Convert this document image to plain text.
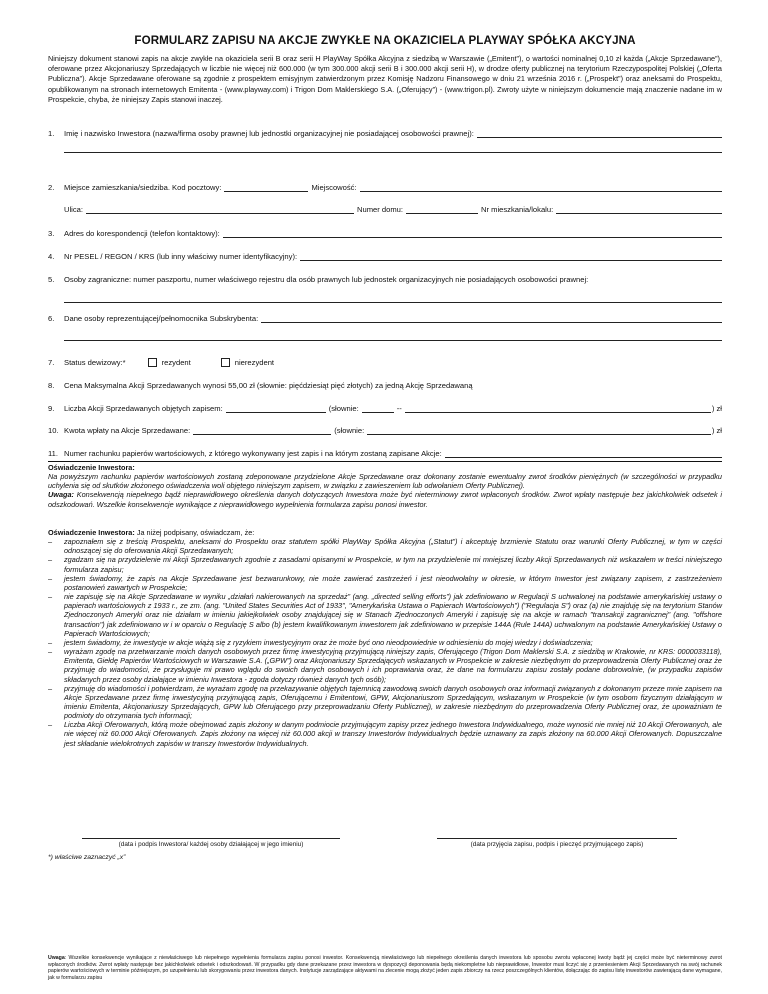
FORMULARZ ZAPISU NA AKCJE ZWYKŁE NA OKAZICIELA PLAYWAY SPÓŁKA AKCYJNA

Niniejszy dokument stanowi zapis na akcje zwykłe na okaziciela serii B oraz serii H PlayWay Spółka Akcyjna z siedzibą w Warszawie („Emitent”), o wartości nominalnej 0,10 zł każda („Akcje Sprzedawane”), oferowane przez Akcjonariuszy Sprzedających w liczbie nie więcej niż 600.000 (w tym 300.000 akcji serii B i 300.000 akcji serii H), w drodze oferty publicznej na terytorium Rzeczypospolitej Polskiej („Oferta Publiczna”). Akcje Sprzedawane oferowane są zgodnie z prospektem emisyjnym zatwierdzonym przez Komisję Nadzoru Finansowego w dniu 21 września 2016 r. („Prospekt”) oraz aneksami do Prospektu, opublikowanym na stronach internetowych Emitenta - (www.playway.com) i Trigon Dom Maklerskiego S.A. („Oferujący”) - (www.trigon.pl). Zwroty użyte w niniejszym dokumencie mają znaczenie nadane im w Prospekcie, chyba, że niniejszy Zapis stanowi inaczej.

1. Imię i nazwisko Inwestora (nazwa/firma osoby prawnej lub jednostki organizacyjnej nie posiadającej osobowości prawnej):
2. Miejsce zamieszkania/siedziba. Kod pocztowy:	Miejscowość:
Ulica:	Numer domu:	Nr mieszkania/lokalu:
3. Adres do korespondencji (telefon kontaktowy):
4. Nr PESEL / REGON / KRS (lub inny właściwy numer identyfikacyjny):
5. Osoby zagraniczne: numer paszportu, numer właściwego rejestru dla osób prawnych lub jednostek organizacyjnych nie posiadających osobowości prawnej:
6. Dane osoby reprezentującej/pełnomocnika Subskrybenta:
7. Status dewizowy:*	rezydent	nierezydent
8. Cena Maksymalna Akcji Sprzedawanych wynosi 55,00 zł (słownie: pięćdziesiąt pięć złotych) za jedną Akcję Sprzedawaną
9. Liczba Akcji Sprzedawanych objętych zapisem:	(słownie:	--	) zł
10. Kwota wpłaty na Akcje Sprzedawane:	(słownie:	) zł
11. Numer rachunku papierów wartościowych, z którego wykonywany jest zapis i na którym zostaną zapisane Akcje:

Oświadczenie Inwestora:
Na powyższym rachunku papierów wartościowych zostaną zdeponowane przydzielone Akcje Sprzedawane oraz dokonany zostanie ewentualny zwrot środków pieniężnych (w szczególności w przypadku uchylenia się od skutków złożonego oświadczenia woli objętego niniejszym zapisem, w związku z zawieszeniem lub odwołaniem Oferty Publicznej).
Uwaga: Konsekwencją niepełnego bądź nieprawidłowego określenia danych dotyczących Inwestora może być nieterminowy zwrot wpłaconych środków. Zwrot wpłaty następuje bez jakichkolwiek odsetek i odszkodowań. Wszelkie konsekwencje wynikające z nieprawidłowego wypełnienia formularza zapisu ponosi inwestor.

Oświadczenie Inwestora: Ja niżej podpisany, oświadczam, że:

– zapoznałem się z treścią Prospektu, aneksami do Prospektu oraz statutem spółki PlayWay Spółka Akcyjna („Statut”) i akceptuję brzmienie Statutu oraz warunki Oferty Publicznej, w tym w części odnoszącej się do oferowania Akcji Sprzedawanych;
– zgadzam się na przydzielenie mi Akcji Sprzedawanych zgodnie z zasadami opisanymi w Prospekcie, w tym na przydzielenie mi mniejszej liczby Akcji Sprzedawanych niż wskazałem w treści niniejszego formularza zapisu;
– jestem świadomy, że zapis na Akcje Sprzedawane jest bezwarunkowy, nie może zawierać zastrzeżeń i jest nieodwołalny w okresie, w którym Inwestor jest związany zapisem, z zastrzeżeniem postanowień zawartych w Prospekcie;
– nie zapisuję się na Akcje Sprzedawane w wyniku „działań nakierowanych na sprzedaż” (ang. „directed selling efforts”) jak zdefiniowano w Regulacji S uchwalonej na podstawie amerykańskiej ustawy o papierach wartościowych z 1933 r., ze zm. (ang. "United States Securities Act of 1933", "Amerykańska Ustawa o Papierach Wartościowych") ("Regulacja S") oraz (a) nie znajduję się na terytorium Stanów Zjednoczonych Ameryki oraz nie działam w imieniu jakiejkolwiek osoby znajdującej się w Stanach Zjednoczonych Ameryki i zapisuję się na akcje w ramach "transakcji zagranicznej" (ang. "offshore transaction") jak zdefiniowano w i w oparciu o Regulację S albo (b) jestem kwalifikowanym inwestorem jak zdefiniowano w przepisie 144A (Rule 144A) uchwalonym na podstawie Amerykańskiej Ustawy o Papierach Wartościowych;
– jestem świadomy, że inwestycje w akcje wiążą się z ryzykiem inwestycyjnym oraz że może być ono nieodpowiednie w odniesieniu do mojej wiedzy i doświadczenia;
– wyrażam zgodę na przetwarzanie moich danych osobowych przez firmę inwestycyjną przyjmującą niniejszy zapis, Oferującego (Trigon Dom Maklerski S.A. z siedzibą w Krakowie, nr KRS: 0000033118), Emitenta, Giełdę Papierów Wartościowych w Warszawie S.A. („GPW”) oraz Akcjonariuszy Sprzedających wskazanych w Prospekcie w zakresie niezbędnym do przeprowadzenia Oferty Publicznej oraz że przyjmuję do wiadomości, że przysługuje mi prawo wglądu do swoich danych osobowych i ich poprawiania oraz, że dane na formularzu zapisu zostały podane dobrowolnie, (w przypadku zapisów składanych przez osoby działające w imieniu Inwestora - zgoda dotyczy również danych tych osób);
– przyjmuję do wiadomości i potwierdzam, że wyrażam zgodę na przekazywanie objętych tajemnicą zawodową swoich danych osobowych oraz informacji związanych z dokonanym przeze mnie zapisem na Akcje Sprzedawane przez firmę inwestycyjną przyjmującą zapis, Oferującemu i Emitentowi, GPW, Akcjonariuszom Sprzedającym, wskazanym w Prospekcie (w tym osobom fizycznym działającym w imieniu Emitenta, Akcjonariuszy Sprzedających, GPW lub Oferującego przy przeprowadzaniu Oferty Publicznej), w zakresie niezbędnym do przeprowadzenia Oferty Publicznej oraz, że upoważniam te podmioty do otrzymania tych informacji;
– Liczba Akcji Oferowanych, którą może obejmować zapis złożony w danym podmiocie przyjmującym zapisy przez jednego Inwestora Indywidualnego, może wynosić nie mniej niż 10 Akcji Oferowanych, ale nie więcej niż 60.000 Akcji Oferowanych. Zapis złożony na więcej niż 60.000 akcji w transzy Inwestorów Indywidualnych będzie uznawany za zapis złożony na 60.000 Akcji Oferowanych. Dopuszczalne jest składanie wielokrotnych zapisów w transzy Inwestorów Indywidualnych.
(data i podpis Inwestora/ każdej osoby działającej w jego imieniu)	(data przyjęcia zapisu, podpis i pieczęć przyjmującego zapis)
*) właściwe zaznaczyć „x”
Uwaga: Wszelkie konsekwencje wynikające z niewłaściwego lub niepełnego wypełnienia formularza zapisu ponosi inwestor. Konsekwencją niewłaściwego lub niepełnego określenia danych inwestora lub sposobu zwrotu wpłaconej kwoty bądź jej części może być nieterminowy zwrot wpłaconych środków. Zwrot wpłaty następuje bez jakichkolwiek odsetek i odszkodowań. W przypadku gdy dane przekazane przez inwestora w dyspozycji deponowania będą niekompletne lub nieprawidłowe, Inwestor musi liczyć się z przeniesieniem Akcji Sprzedawanych na swój rachunek papierów wartościowych w terminie późniejszym, po uzupełnieniu lub skorygowaniu przez inwestora danych. Instytucje zarządzające aktywami na zlecenie mogą złożyć jeden zapis zbiorczy na rzecz poszczególnych klientów, dołączając do zapisu listę inwestorów zawierającą dane wymagane, jak w formularzu zapisu
